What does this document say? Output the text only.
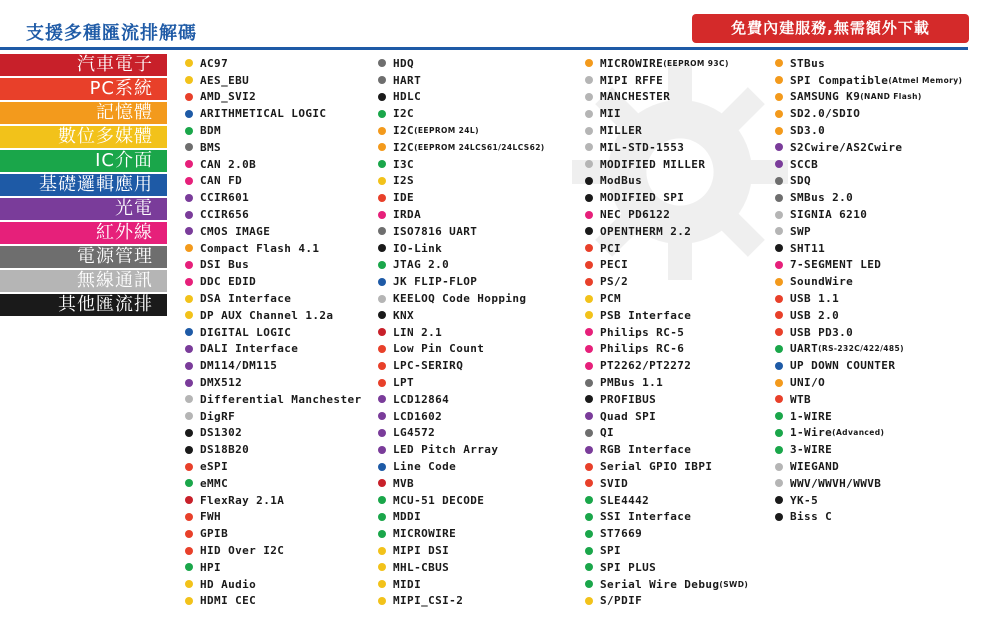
支援多種匯流排解碼	免費內建服務,無需額外下載
汽車電子
PC系統
記憶體
數位多媒體
IC介面
基礎邏輯應用
光電
紅外線
電源管理
無線通訊
其他匯流排
AC97
AES_EBU
AMD_SVI2
ARITHMETICAL LOGIC
BDM
BMS
CAN 2.0B
CAN FD
CCIR601
CCIR656
CMOS IMAGE
Compact Flash 4.1
DSI Bus
DDC EDID
DSA Interface
DP AUX Channel 1.2a
DIGITAL LOGIC
DALI Interface
DM114/DM115
DMX512
Differential Manchester
DigRF
DS1302
DS18B20
eSPI
eMMC
FlexRay 2.1A
FWH
GPIB
HID Over I2C
HPI
HD Audio
HDMI CEC
HDQ
HART
HDLC
I2C
I2C (EEPROM 24L)
I2C (EEPROM 24LCS61/24LCS62)
I3C
I2S
IDE
IRDA
ISO7816 UART
IO-Link
JTAG 2.0
JK FLIP-FLOP
KEELOQ Code Hopping
KNX
LIN 2.1
Low Pin Count
LPC-SERIRQ
LPT
LCD12864
LCD1602
LG4572
LED Pitch Array
Line Code
MVB
MCU-51 DECODE
MDDI
MICROWIRE
MIPI DSI
MHL-CBUS
MIDI
MIPI_CSI-2
MICROWIRE (EEPROM 93C)
MIPI RFFE
MANCHESTER
MII
MILLER
MIL-STD-1553
MODIFIED MILLER
ModBus
MODIFIED SPI
NEC PD6122
OPENTHERM 2.2
PCI
PECI
PS/2
PCM
PSB Interface
Philips RC-5
Philips RC-6
PT2262/PT2272
PMBus 1.1
PROFIBUS
Quad SPI
QI
RGB Interface
Serial GPIO IBPI
SVID
SLE4442
SSI Interface
ST7669
SPI
SPI PLUS
Serial Wire Debug (SWD)
S/PDIF
STBus
SPI Compatible (Atmel Memory)
SAMSUNG K9 (NAND Flash)
SD2.0/SDIO
SD3.0
S2Cwire/AS2Cwire
SCCB
SDQ
SMBus 2.0
SIGNIA 6210
SWP
SHT11
7-SEGMENT LED
SoundWire
USB 1.1
USB 2.0
USB PD3.0
UART (RS-232C/422/485)
UP DOWN COUNTER
UNI/O
WTB
1-WIRE
1-Wire (Advanced)
3-WIRE
WIEGAND
WWV/WWVH/WWVB
YK-5
Biss C
